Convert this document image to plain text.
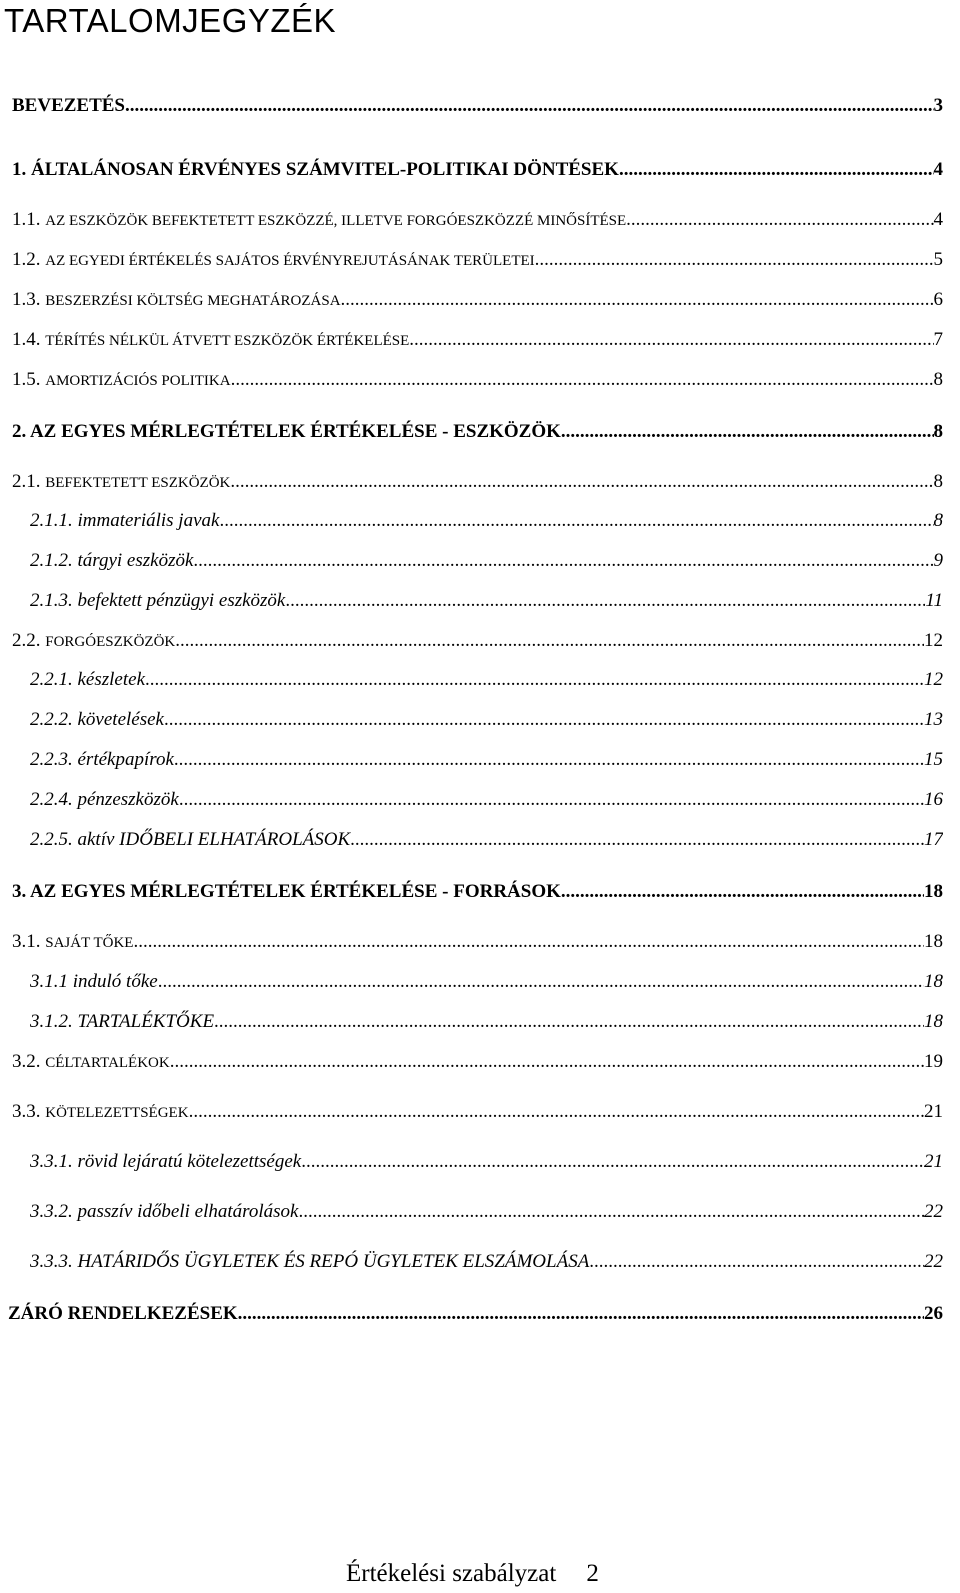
TARTALOMJEGYZÉK
BEVEZETÉS .....	3
1. ÁLTALÁNOSAN ÉRVÉNYES SZÁMVITEL-POLITIKAI DÖNTÉSEK .....	4
1.1. AZ ESZKÖZÖK BEFEKTETETT ESZKÖZZÉ, ILLETVE FORGÓESZKÖZZÉ MINŐSÍTÉSE .....	4
1.2. AZ EGYEDI ÉRTÉKELÉS SAJÁTOS ÉRVÉNYREJUTÁSÁNAK TERÜLETEI .....	5
1.3. BESZERZÉSI KÖLTSÉG MEGHATÁROZÁSA .....	6
1.4. TÉRÍTÉS NÉLKÜL ÁTVETT ESZKÖZÖK ÉRTÉKELÉSE .....	7
1.5. AMORTIZÁCIÓS POLITIKA .....	8
2. AZ EGYES MÉRLEGTÉTELEK ÉRTÉKELÉSE - ESZKÖZÖK .....	8
2.1. BEFEKTETETT ESZKÖZÖK .....	8
2.1.1. immateriális javak .....	8
2.1.2. tárgyi eszközök .....	9
2.1.3. befektett pénzügyi eszközök .....	11
2.2. FORGÓESZKÖZÖK .....	12
2.2.1. készletek .....	12
2.2.2. követelések .....	13
2.2.3. értékpapírok .....	15
2.2.4. pénzeszközök .....	16
2.2.5. aktív IDŐBELI ELHATÁROLÁSOK .....	17
3. AZ EGYES MÉRLEGTÉTELEK ÉRTÉKELÉSE - FORRÁSOK .....	18
3.1. SAJÁT TŐKE .....	18
3.1.1 induló tőke .....	18
3.1.2. TARTALÉKTŐKE .....	18
3.2. CÉLTARTALÉKOK .....	19
3.3. KÖTELEZETTSÉGEK .....	21
3.3.1. rövid lejáratú kötelezettségek .....	21
3.3.2. passzív időbeli elhatárolások .....	22
3.3.3. HATÁRIDŐS ÜGYLETEK ÉS REPÓ ÜGYLETEK ELSZÁMOLÁSA .....	22
ZÁRÓ RENDELKEZÉSEK .....	26
Értékelési szabályzat 2
